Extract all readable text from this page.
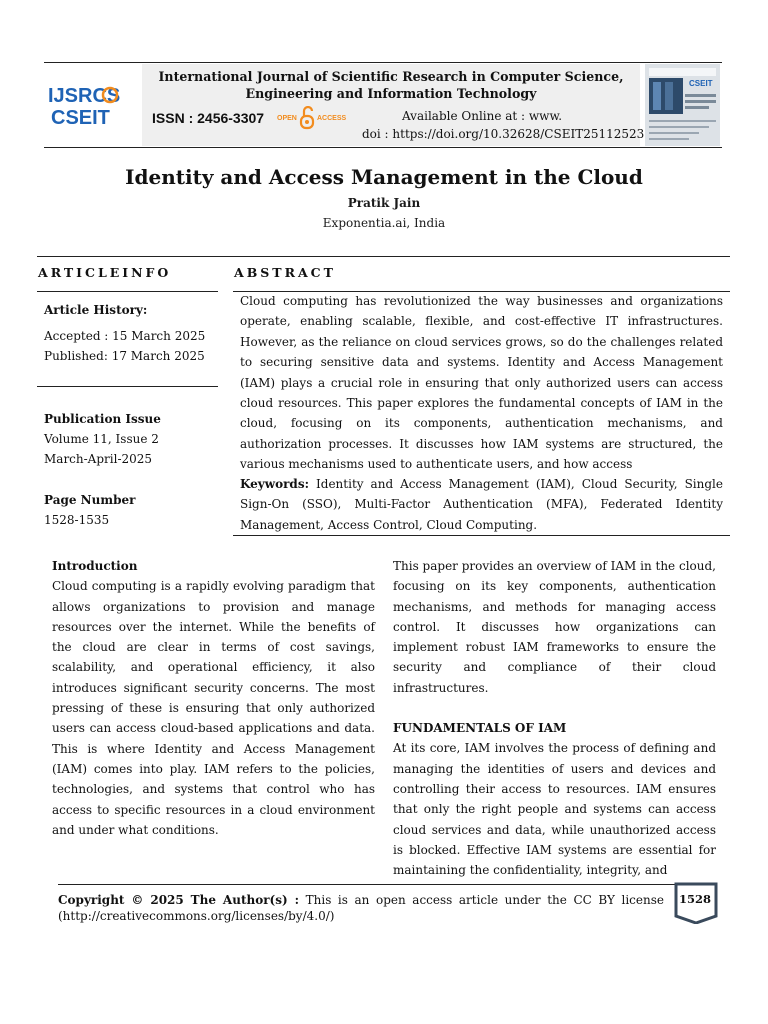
IJSRCS
CSEIT
International Journal of Scientific Research in Computer Science, Engineering and Information Technology
ISSN : 2456-3307 OPEN	ACCESS	Available Online at : www.
doi : https://doi.org/10.32628/CSEIT25112523
CSEIT
Identity and Access Management in the Cloud
Pratik Jain
Exponentia.ai, India
ARTICLEINFO	ABSTRACT
Article History:
Accepted : 15 March 2025
Published: 17 March 2025
Publication Issue
Volume 11, Issue 2
March-April-2025
Page Number
1528-1535
Cloud computing has revolutionized the way businesses and organizations operate, enabling scalable, flexible, and cost-effective IT infrastructures. However, as the reliance on cloud services grows, so do the challenges related to securing sensitive data and systems. Identity and Access Management (IAM) plays a crucial role in ensuring that only authorized users can access cloud resources. This paper explores the fundamental concepts of IAM in the cloud, focusing on its components, authentication mechanisms, and authorization processes. It discusses how IAM systems are structured, the various mechanisms used to authenticate users, and how access
Keywords: Identity and Access Management (IAM), Cloud Security, Single Sign-On (SSO), Multi-Factor Authentication (MFA), Federated Identity Management, Access Control, Cloud Computing.
Introduction
Cloud computing is a rapidly evolving paradigm that allows organizations to provision and manage resources over the internet. While the benefits of the cloud are clear in terms of cost savings, scalability, and operational efficiency, it also introduces significant security concerns. The most pressing of these is ensuring that only authorized users can access cloud-based applications and data. This is where Identity and Access Management (IAM) comes into play. IAM refers to the policies, technologies, and systems that control who has access to specific resources in a cloud environment and under what conditions.
This paper provides an overview of IAM in the cloud, focusing on its key components, authentication mechanisms, and methods for managing access control. It discusses how organizations can implement robust IAM frameworks to ensure the security and compliance of their cloud infrastructures.
FUNDAMENTALS OF IAM
At its core, IAM involves the process of defining and managing the identities of users and devices and controlling their access to resources. IAM ensures that only the right people and systems can access cloud services and data, while unauthorized access is blocked. Effective IAM systems are essential for maintaining the confidentiality, integrity, and
Copyright © 2025 The Author(s) : This is an open access article under the CC BY license (http://creativecommons.org/licenses/by/4.0/)
1528
